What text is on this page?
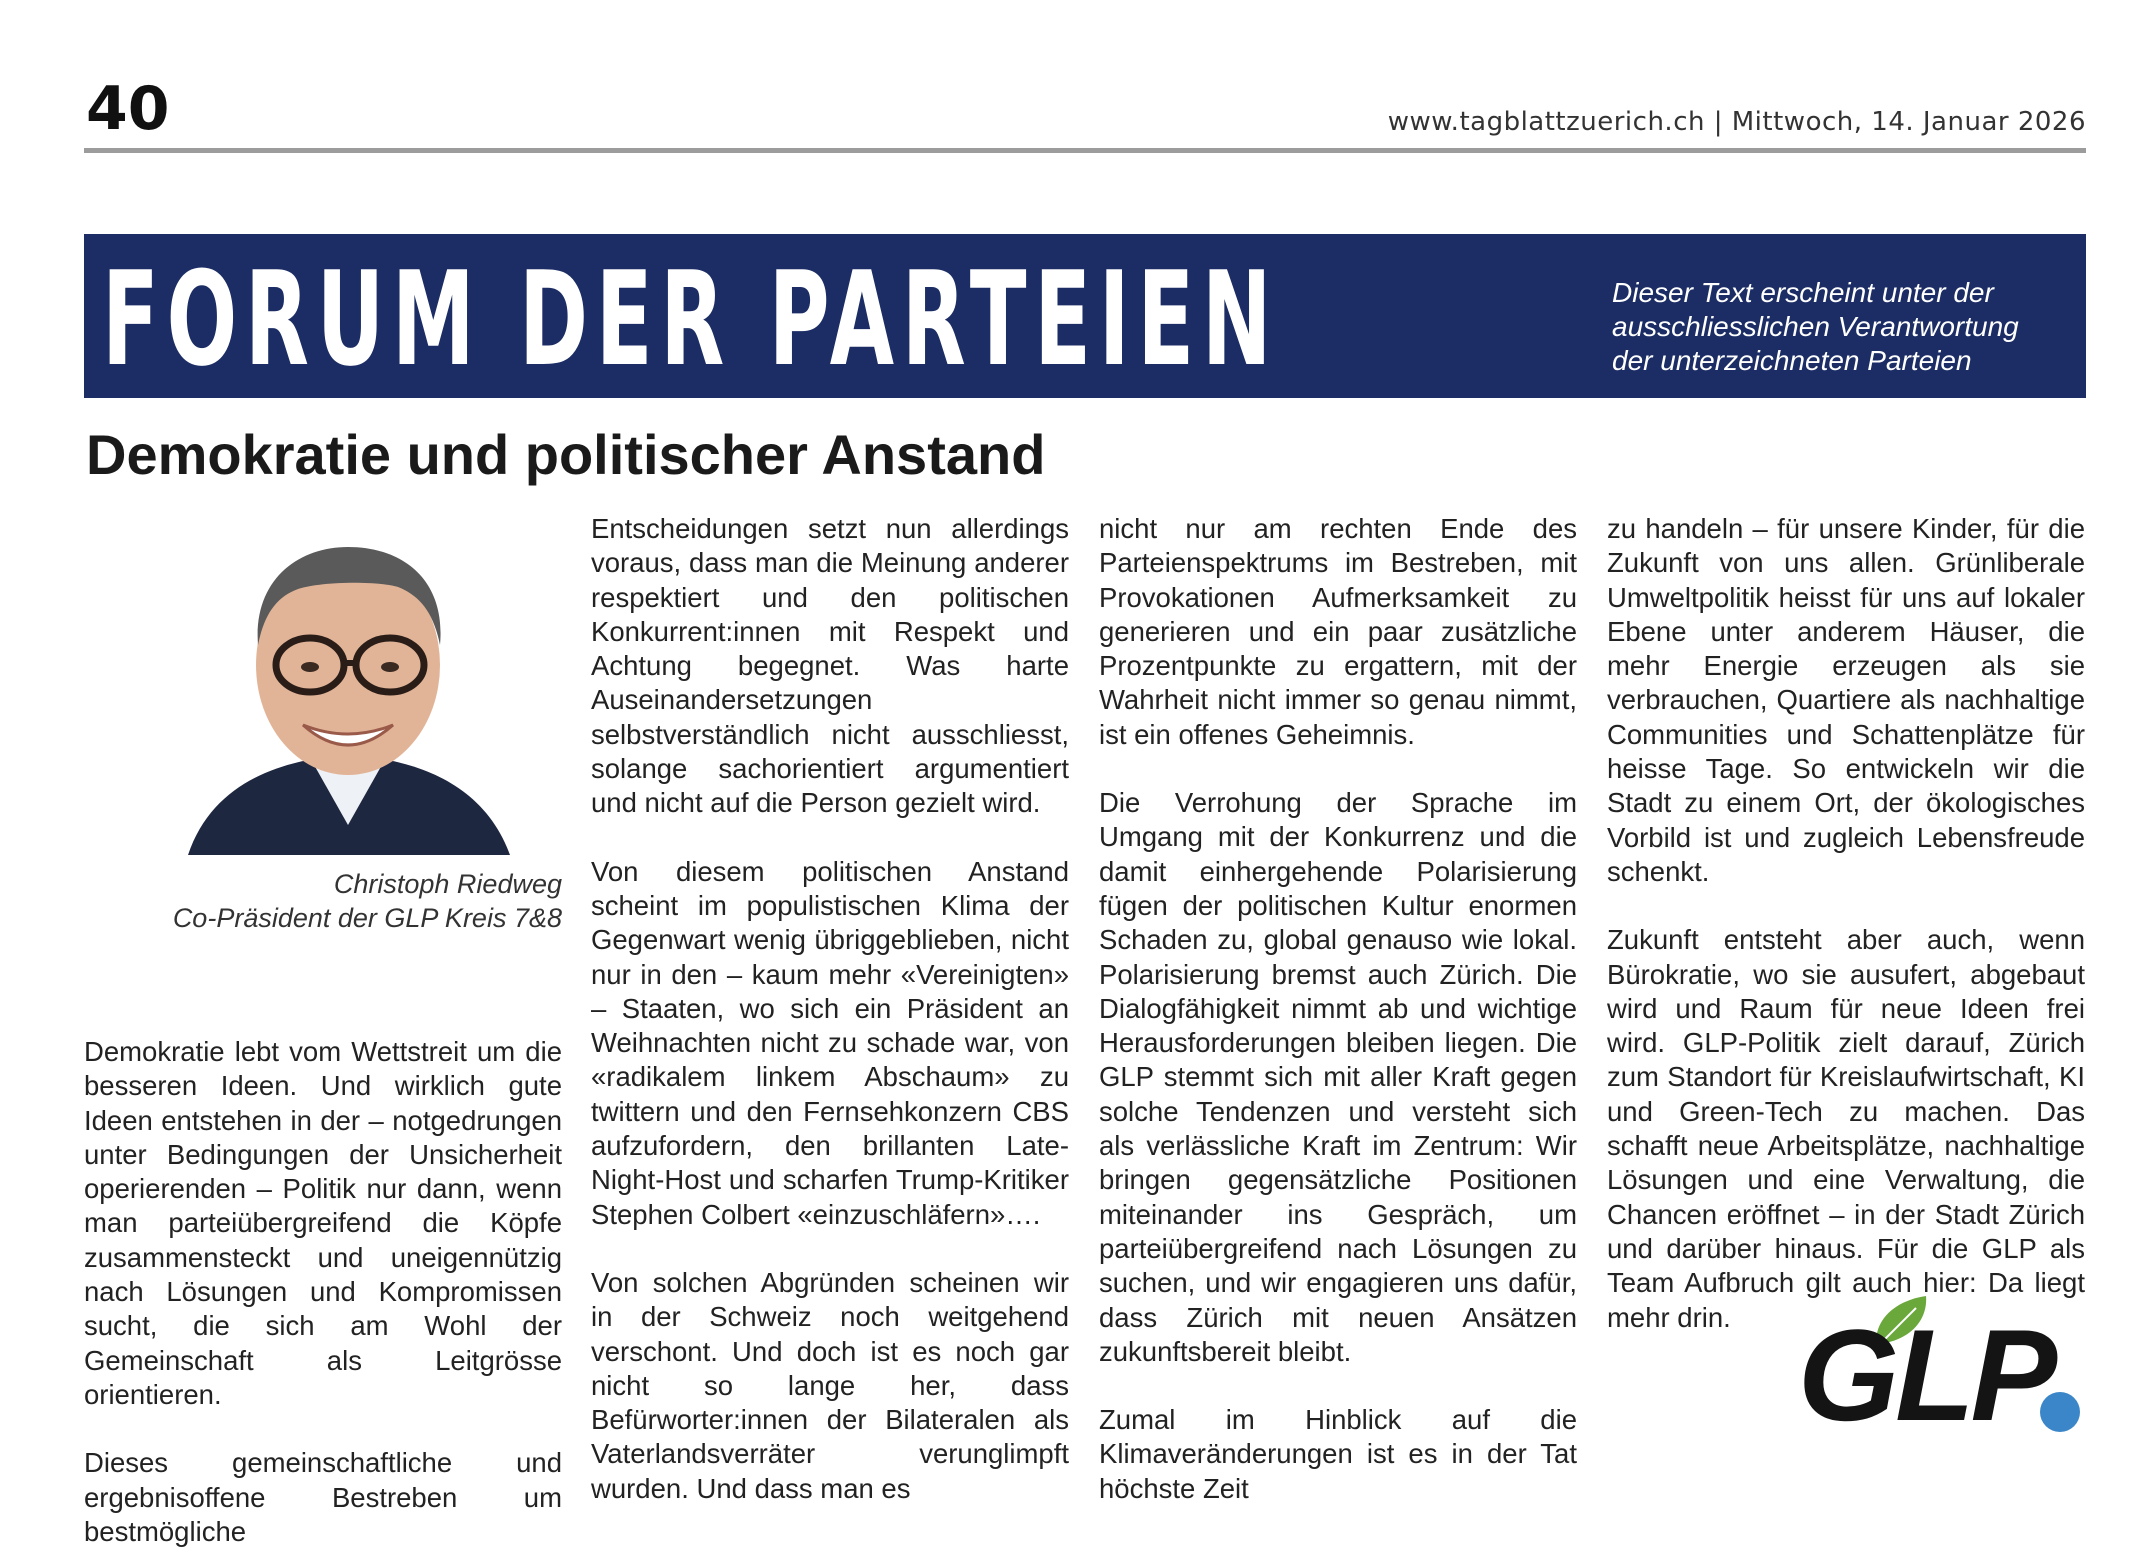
40	www.tagblattzuerich.ch | Mittwoch, 14. Januar 2026
FORUM DER PARTEIEN	Dieser Text erscheint unter der
ausschliesslichen Verantwortung
der unterzeichneten Parteien
Demokratie und politischer Anstand
Christoph Riedweg
Co-Präsident der GLP Kreis 7&8

Demokratie lebt vom Wettstreit um die besseren Ideen. Und wirklich gute Ideen entstehen in der – notgedrungen unter Bedingungen der Unsicherheit operierenden – Politik nur dann, wenn man parteiübergreifend die Köpfe zusammensteckt und uneigennützig nach Lösungen und Kompromissen sucht, die sich am Wohl der Gemeinschaft als Leitgrösse orientieren.

Dieses gemeinschaftliche und ergebnisoffene Bestreben um bestmögliche

Entscheidungen setzt nun allerdings voraus, dass man die Meinung anderer respektiert und den politischen Konkurrent:innen mit Respekt und Achtung begegnet. Was harte Auseinandersetzungen selbstverständlich nicht ausschliesst, solange sachorientiert argumentiert und nicht auf die Person gezielt wird.

Von diesem politischen Anstand scheint im populistischen Klima der Gegenwart wenig übriggeblieben, nicht nur in den – kaum mehr «Vereinigten» – Staaten, wo sich ein Präsident an Weihnachten nicht zu schade war, von «radikalem linkem Abschaum» zu twittern und den Fernsehkonzern CBS aufzufordern, den brillanten Late-Night-Host und scharfen Trump-Kritiker Stephen Colbert «einzuschläfern»….

Von solchen Abgründen scheinen wir in der Schweiz noch weitgehend verschont. Und doch ist es noch gar nicht so lange her, dass Befürworter:innen der Bilateralen als Vaterlandsverräter verunglimpft wurden. Und dass man es

nicht nur am rechten Ende des Parteienspektrums im Bestreben, mit Provokationen Aufmerksamkeit zu generieren und ein paar zusätzliche Prozentpunkte zu ergattern, mit der Wahrheit nicht immer so genau nimmt, ist ein offenes Geheimnis.

Die Verrohung der Sprache im Umgang mit der Konkurrenz und die damit einhergehende Polarisierung fügen der politischen Kultur enormen Schaden zu, global genauso wie lokal. Polarisierung bremst auch Zürich. Die Dialogfähigkeit nimmt ab und wichtige Herausforderungen bleiben liegen. Die GLP stemmt sich mit aller Kraft gegen solche Tendenzen und versteht sich als verlässliche Kraft im Zentrum: Wir bringen gegensätzliche Positionen miteinander ins Gespräch, um parteiübergreifend nach Lösungen zu suchen, und wir engagieren uns dafür, dass Zürich mit neuen Ansätzen zukunftsbereit bleibt.

Zumal im Hinblick auf die Klimaveränderungen ist es in der Tat höchste Zeit

zu handeln – für unsere Kinder, für die Zukunft von uns allen. Grünliberale Umweltpolitik heisst für uns auf lokaler Ebene unter anderem Häuser, die mehr Energie erzeugen als sie verbrauchen, Quartiere als nachhaltige Communities und Schattenplätze für heisse Tage. So entwickeln wir die Stadt zu einem Ort, der ökologisches Vorbild ist und zugleich Lebensfreude schenkt.

Zukunft entsteht aber auch, wenn Bürokratie, wo sie ausufert, abgebaut wird und Raum für neue Ideen frei wird. GLP-Politik zielt darauf, Zürich zum Standort für Kreislaufwirtschaft, KI und Green-Tech zu machen. Das schafft neue Arbeitsplätze, nachhaltige Lösungen und eine Verwaltung, die Chancen eröffnet – in der Stadt Zürich und darüber hinaus. Für die GLP als Team Aufbruch gilt auch hier: Da liegt mehr drin. GLP
